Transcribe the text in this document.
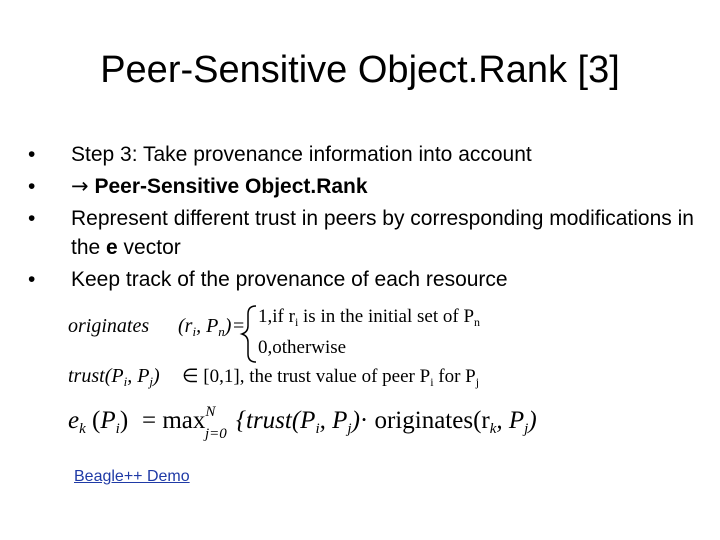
Peer-Sensitive Object.Rank [3]
• Step 3: Take provenance information into account
• → Peer-Sensitive Object.Rank
• Represent different trust in peers by corresponding modifications in the e vector
• Keep track of the provenance of each resource
originates ($r_i$, $P_n) = 1,if$ $r_i$ is in the initial set of $P_n$
0,otherwise
$trust(P_i$, $P_j$) ∈ [0,1], the trust value of peer $P_i$ for $P_j$
$e_k$ $(P_i) = \max^N$
j=0 {$trust(P_i$, $P_j)\cdot$ $originates(r_k$, $P_j$)
Beagle++ Demo
